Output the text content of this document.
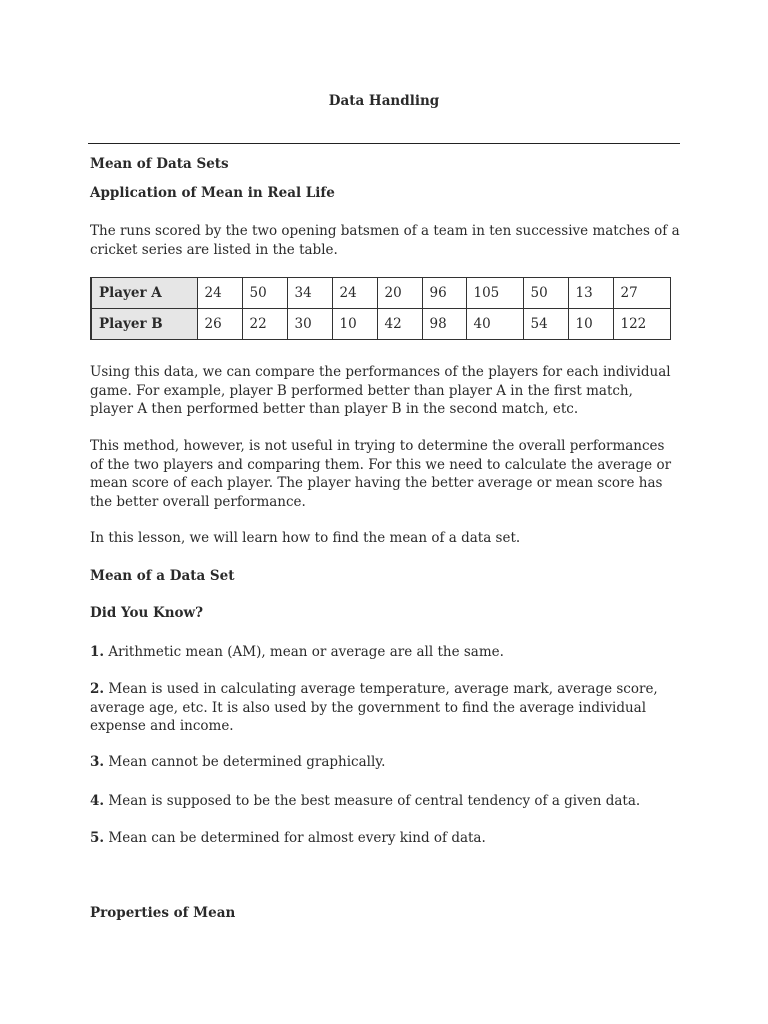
Data Handling
Mean of Data Sets
Application of Mean in Real Life
The runs scored by the two opening batsmen of a team in ten successive matches of a cricket series are listed in the table.
Player A	24	50	34	24	20	96	105	50	13	27
Player B	26	22	30	10	42	98	40	54	10	122
Using this data, we can compare the performances of the players for each individual game. For example, player B performed better than player A in the first match, player A then performed better than player B in the second match, etc.
This method, however, is not useful in trying to determine the overall performances of the two players and comparing them. For this we need to calculate the average or mean score of each player. The player having the better average or mean score has the better overall performance.
In this lesson, we will learn how to find the mean of a data set.
Mean of a Data Set
Did You Know?
1. Arithmetic mean (AM), mean or average are all the same.
2. Mean is used in calculating average temperature, average mark, average score, average age, etc. It is also used by the government to find the average individual expense and income.
3. Mean cannot be determined graphically.
4. Mean is supposed to be the best measure of central tendency of a given data.
5. Mean can be determined for almost every kind of data.
Properties of Mean
